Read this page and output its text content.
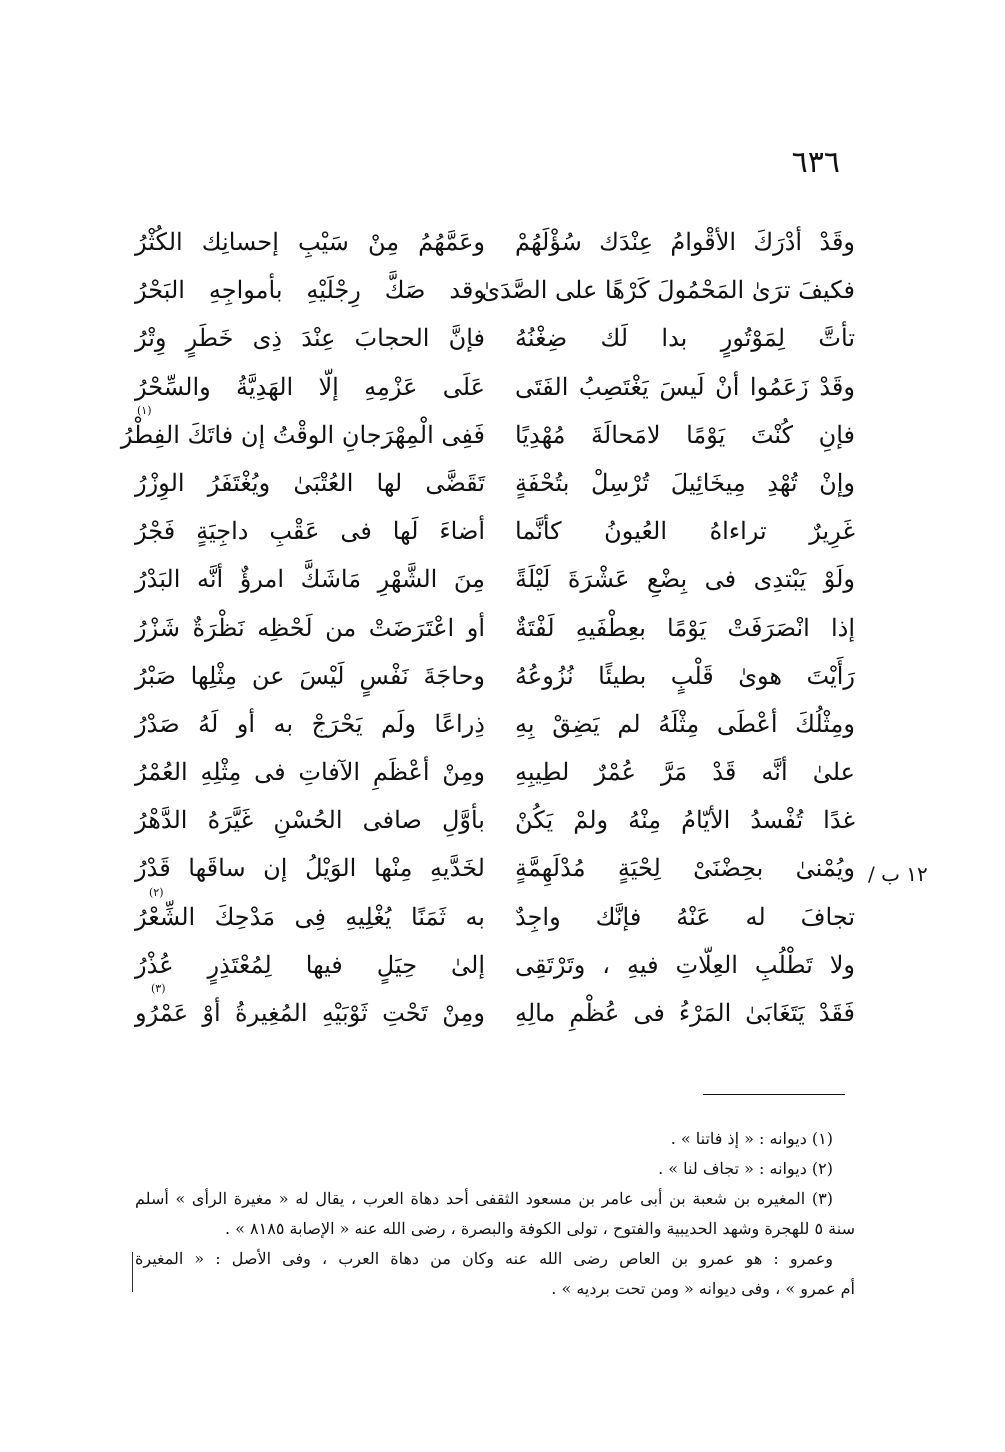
٦٣٦
وقَدْ أدْرَكَ الأقْوامُ عِنْدَك سُؤْلَهُمْ
وعَمَّهُمُ مِنْ سَيْبِ إحسانِك الكُثْرُ
فكيفَ ترَىٰ المَحْمُولَ كَرْهًا على الصَّدَىٰ
وقد صَكَّ رِجْلَيْهِ بأمواجِهِ البَحْرُ
تأتَّ لِمَوْتُورٍ بدا لَك ضِغْنُهُ
فإنَّ الحجابَ عِنْدَ ذِى خَطَرٍ وِتْرُ
وقَدْ زَعَمُوا أنْ لَيسَ يَغْتَصِبُ الفَتَى
عَلَى عَزْمِهِ إلّا الهَدِيَّةُ والسِّحْرُ
فإنِ كُنْتَ يَوْمًا لامَحالَةَ مُهْدِيًا
فَفِى الْمِهْرَجانِ الوقْتُ إن فاتَكَ الفِطْرُ
(١)
وإنْ تُهْدِ مِيخَائِيلَ تُرْسِلْ بتُحْفَةٍ
تَقَضَّى لها العُتْبَىٰ ويُغْتَفَرُ الوِزْرُ
غَرِيرٌ تراءاهُ العُيونُ كأنَّما
أضاءَ لَها فى عَقْبِ داجِيَةٍ فَجْرُ
ولَوْ يَبْتدِى فى بِضْعِ عَشْرَةَ لَيْلَةً
مِنَ الشَّهْرِ مَاشَكَّ امرؤٌ أنَّه البَدْرُ
إذا انْصَرَفَتْ يَوْمًا بعِطْفَيهِ لَفْتَةٌ
أو اعْتَرَضَتْ من لَحْظِه نَظْرَةٌ شَزْرُ
رَأَيْتَ هوىٰ قَلْبٍ بطيئًا نُزُوعُهُ
وحاجَةَ نَفْسٍ لَيْسَ عن مِثْلِها صَبْرُ
ومِثْلُكَ أعْطَى مِثْلَهُ لم يَضِقْ بِهِ
ذِراعًا ولَم يَحْرَجْ به أو لَهُ صَدْرُ
علىٰ أنَّه قَدْ مَرَّ عُمْرٌ لطِيبِهِ
ومِنْ أعْظَمِ الآفاتِ فى مِثْلِهِ العُمْرُ
غدًا تُفْسدُ الأيّامُ مِنْهُ ولمْ يَكُنْ
بأوَّلِ صافى الحُسْنِ غَيَّرَهُ الدَّهْرُ
ويُمْنىٰ بحِضْنَىْ لِحْيَةٍ مُدْلَهِمَّةٍ
لخَدَّيهِ مِنْها الوَيْلُ إن ساقَها قَدْرُ
تجافَ له عَنْهُ فإنَّك واجِدٌ
به ثَمَنًا يُغْلِيهِ فِى مَدْحِكَ الشِّعْرُ
(٢)
ولا تَطْلُبِ العِلّاتِ فيهِ ، وتَرْتَقِى
إلىٰ حِيَلٍ فيها لِمُعْتَذِرٍ عُذْرُ
فَقَدْ يَتَغَابَىٰ المَرْءُ فى عُظْمِ مالِهِ
ومِنْ تَحْتِ ثَوْبَيْهِ المُغِيرةُ أوْ عَمْرُو
(٣)
١٢ ب /
(١) ديوانه : « إذ فاتنا » .
(٢) ديوانه : « تجاف لنا » .
(٣) المغيره بن شعبة بن أبى عامر بن مسعود الثقفى أحد دهاة العرب ، يقال له « مغيرة الرأى » أسلم
سنة ٥ للهجرة وشهد الحديبية والفتوح ، تولى الكوفة والبصرة ، رضى الله عنه « الإصابة ٨١٨٥ » .
وعمرو : هو عمرو بن العاص رضى الله عنه وكان من دهاة العرب ، وفى الأصل : « المغيرة
أم عمرو » ، وفى ديوانه « ومن تحت برديه » .
